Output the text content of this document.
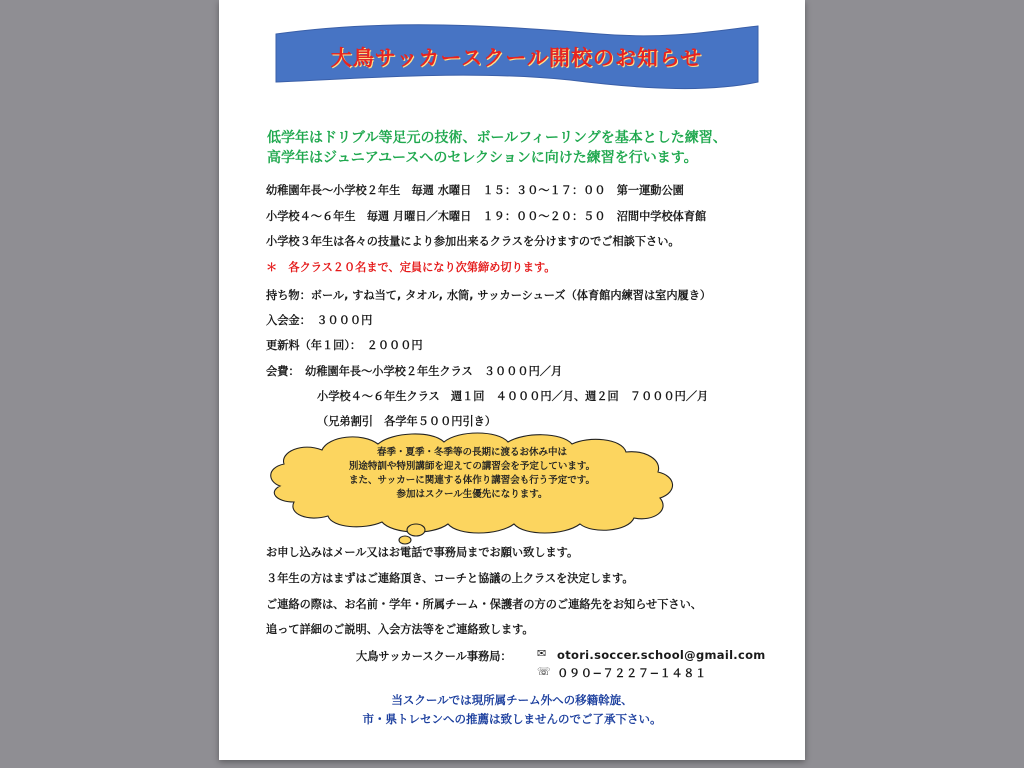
大鳥サッカースクール開校のお知らせ
低学年はドリブル等足元の技術、ボールフィーリングを基本とした練習、
高学年はジュニアユースへのセレクションに向けた練習を行います。
幼稚園年長〜小学校２年生　毎週 水曜日　１５：３０〜１７：００　第一運動公園
小学校４〜６年生　毎週 月曜日／木曜日　１９：００〜２０：５０　沼間中学校体育館
小学校３年生は各々の技量により参加出来るクラスを分けますのでご相談下さい。
＊　各クラス２０名まで、定員になり次第締め切ります。
持ち物：ボール, すね当て, タオル, 水筒, サッカーシューズ（体育館内練習は室内履き）
入会金：　３０００円
更新料（年１回）：　２０００円
会費：　幼稚園年長〜小学校２年生クラス　３０００円／月
小学校４〜６年生クラス　週１回　４０００円／月、週２回　７０００円／月
（兄弟割引　各学年５００円引き）
春季・夏季・冬季等の長期に渡るお休み中は
別途特訓や特別講師を迎えての講習会を予定しています。
また、サッカーに関連する体作り講習会も行う予定です。
参加はスクール生優先になります。
お申し込みはメール又はお電話で事務局までお願い致します。
３年生の方はまずはご連絡頂き、コーチと協議の上クラスを決定します。
ご連絡の際は、お名前・学年・所属チーム・保護者の方のご連絡先をお知らせ下さい、
追って詳細のご説明、入会方法等をご連絡致します。
大鳥サッカースクール事務局： ✉ otori.soccer.school@gmail.com
☏ ０９０−７２２７−１４８１
当スクールでは現所属チーム外への移籍斡旋、
市・県トレセンへの推薦は致しませんのでご了承下さい。
